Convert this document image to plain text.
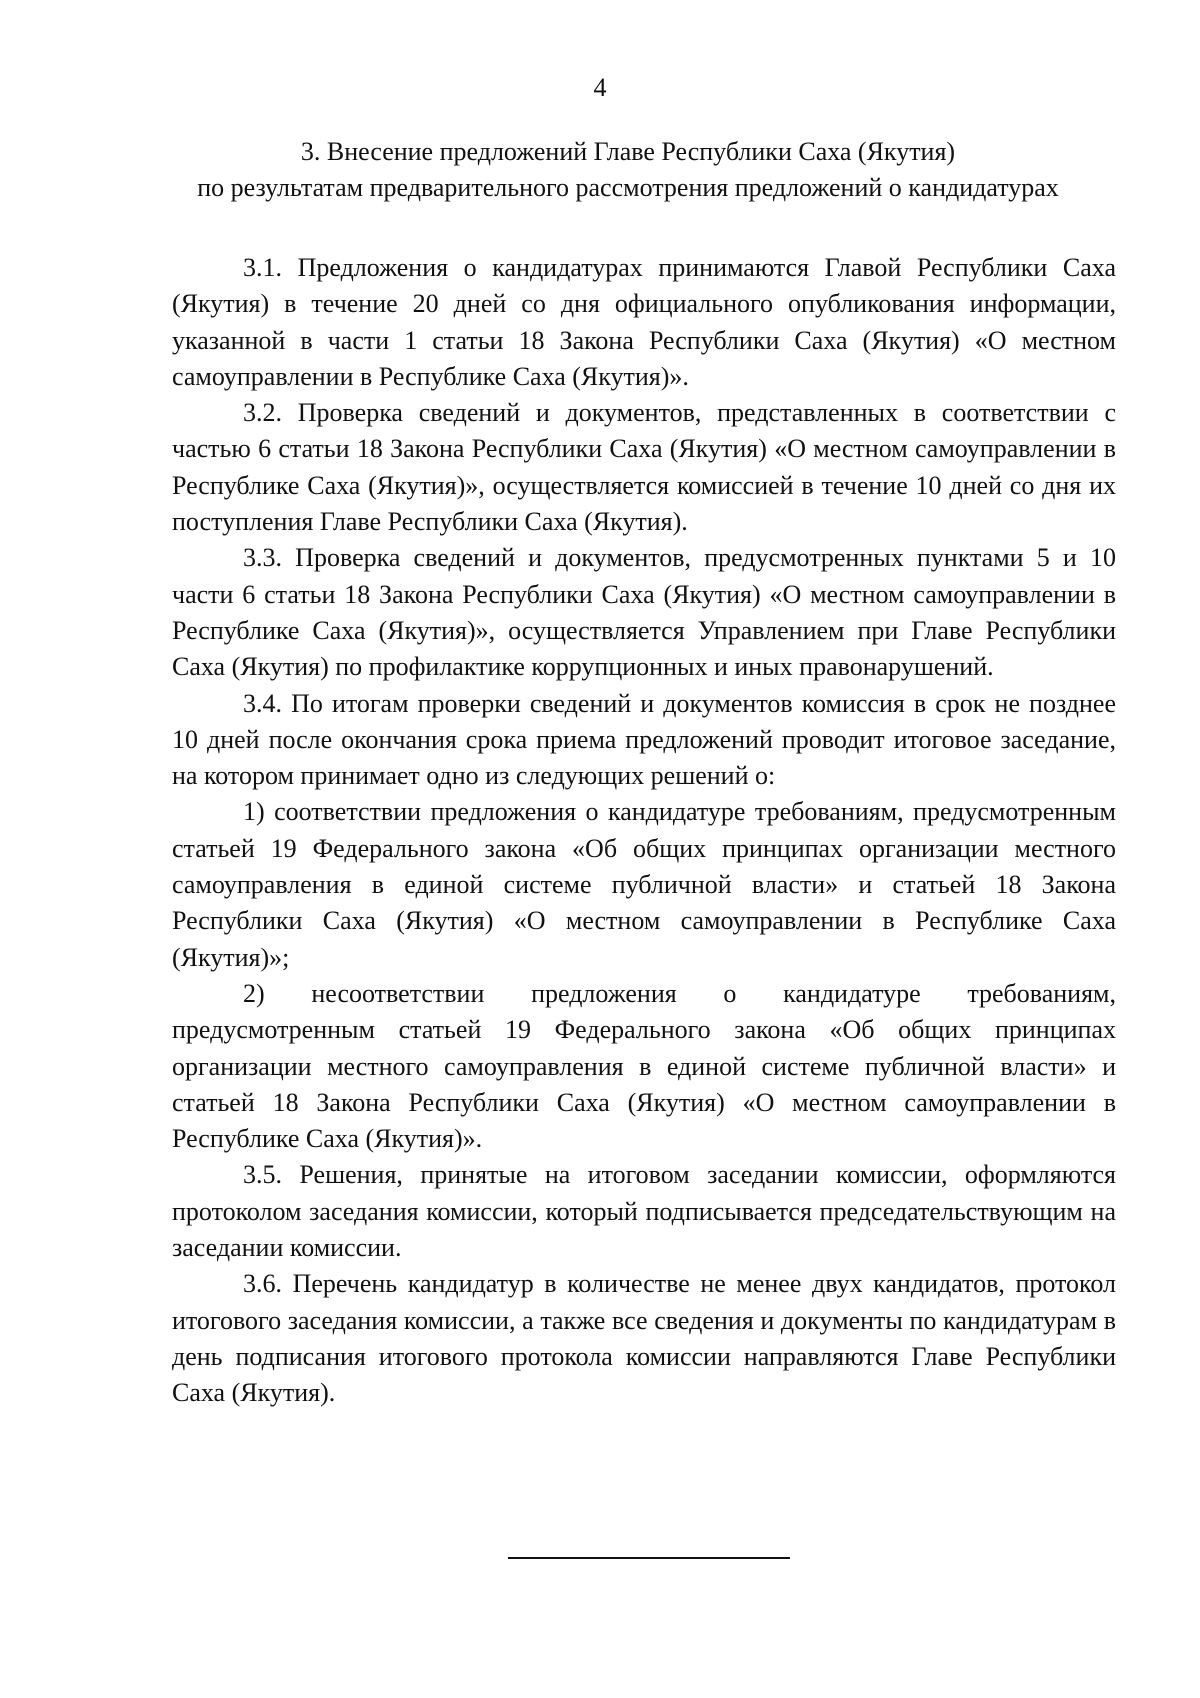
4
3. Внесение предложений Главе Республики Саха (Якутия)
по результатам предварительного рассмотрения предложений о кандидатурах

3.1. Предложения о кандидатурах принимаются Главой Республики Саха (Якутия) в течение 20 дней со дня официального опубликования информации, указанной в части 1 статьи 18 Закона Республики Саха (Якутия) «О местном самоуправлении в Республике Саха (Якутия)».

3.2. Проверка сведений и документов, представленных в соответствии с частью 6 статьи 18 Закона Республики Саха (Якутия) «О местном самоуправлении в Республике Саха (Якутия)», осуществляется комиссией в течение 10 дней со дня их поступления Главе Республики Саха (Якутия).

3.3. Проверка сведений и документов, предусмотренных пунктами 5 и 10 части 6 статьи 18 Закона Республики Саха (Якутия) «О местном самоуправлении в Республике Саха (Якутия)», осуществляется Управлением при Главе Республики Саха (Якутия) по профилактике коррупционных и иных правонарушений.

3.4. По итогам проверки сведений и документов комиссия в срок не позднее 10 дней после окончания срока приема предложений проводит итоговое заседание, на котором принимает одно из следующих решений о:

1) соответствии предложения о кандидатуре требованиям, предусмотренным статьей 19 Федерального закона «Об общих принципах организации местного самоуправления в единой системе публичной власти» и статьей 18 Закона Республики Саха (Якутия) «О местном самоуправлении в Республике Саха (Якутия)»;

2) несоответствии предложения о кандидатуре требованиям, предусмотренным статьей 19 Федерального закона «Об общих принципах организации местного самоуправления в единой системе публичной власти» и статьей 18 Закона Республики Саха (Якутия) «О местном самоуправлении в Республике Саха (Якутия)».

3.5. Решения, принятые на итоговом заседании комиссии, оформляются протоколом заседания комиссии, который подписывается председательствующим на заседании комиссии.

3.6. Перечень кандидатур в количестве не менее двух кандидатов, протокол итогового заседания комиссии, а также все сведения и документы по кандидатурам в день подписания итогового протокола комиссии направляются Главе Республики Саха (Якутия).
